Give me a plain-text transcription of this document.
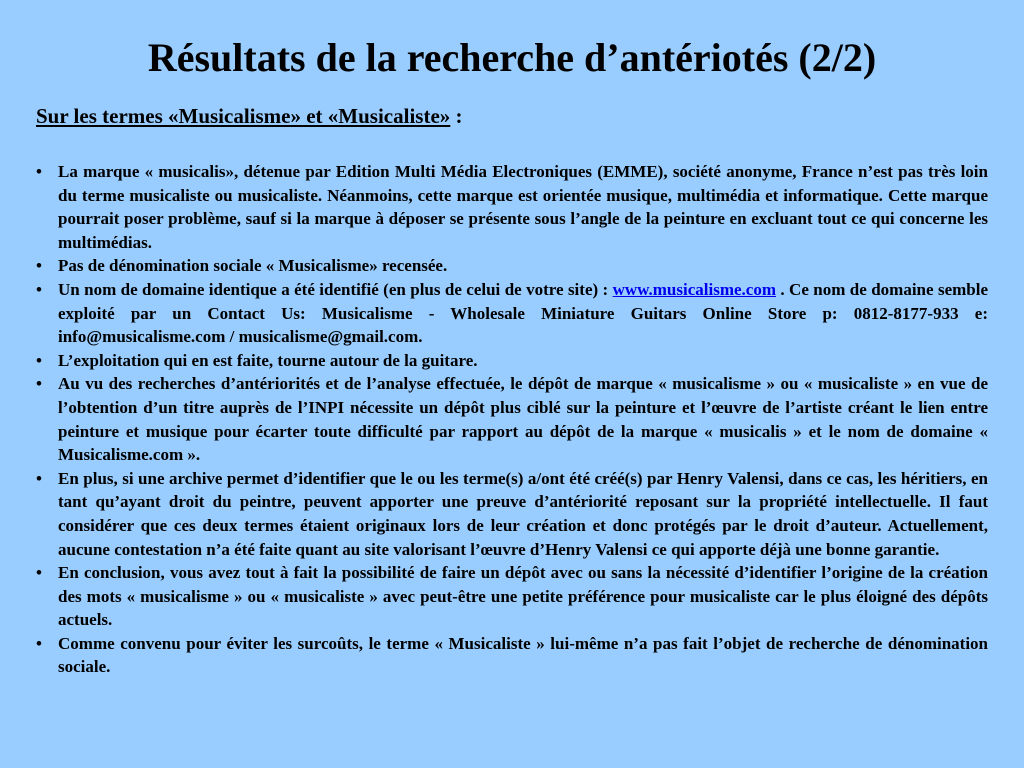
Résultats de la recherche d’antériotés (2/2)
Sur les termes «Musicalisme» et «Musicaliste» :
• La marque « musicalis», détenue par Edition Multi Média Electroniques (EMME), société anonyme, France n’est pas très loin du terme musicaliste ou musicaliste. Néanmoins, cette marque est orientée musique, multimédia et informatique. Cette marque pourrait poser problème, sauf si la marque à déposer se présente sous l’angle de la peinture en excluant tout ce qui concerne les multimédias.
• Pas de dénomination sociale « Musicalisme» recensée.
• Un nom de domaine identique a été identifié (en plus de celui de votre site) : www.musicalisme.com . Ce nom de domaine semble exploité par un Contact Us: Musicalisme - Wholesale Miniature Guitars Online Store p: 0812-8177-933 e: info@musicalisme.com / musicalisme@gmail.com.
• L’exploitation qui en est faite, tourne autour de la guitare.
• Au vu des recherches d’antériorités et de l’analyse effectuée, le dépôt de marque « musicalisme » ou « musicaliste » en vue de l’obtention d’un titre auprès de l’INPI nécessite un dépôt plus ciblé sur la peinture et l’œuvre de l’artiste créant le lien entre peinture et musique pour écarter toute difficulté par rapport au dépôt de la marque « musicalis » et le nom de domaine « Musicalisme.com ».
• En plus, si une archive permet d’identifier que le ou les terme(s) a/ont été créé(s) par Henry Valensi, dans ce cas, les héritiers, en tant qu’ayant droit du peintre, peuvent apporter une preuve d’antériorité reposant sur la propriété intellectuelle. Il faut considérer que ces deux termes étaient originaux lors de leur création et donc protégés par le droit d’auteur. Actuellement, aucune contestation n’a été faite quant au site valorisant l’œuvre d’Henry Valensi ce qui apporte déjà une bonne garantie.
• En conclusion, vous avez tout à fait la possibilité de faire un dépôt avec ou sans la nécessité d’identifier l’origine de la création des mots « musicalisme » ou « musicaliste » avec peut-être une petite préférence pour musicaliste car le plus éloigné des dépôts actuels.
• Comme convenu pour éviter les surcoûts, le terme « Musicaliste » lui-même n’a pas fait l’objet de recherche de dénomination sociale.
